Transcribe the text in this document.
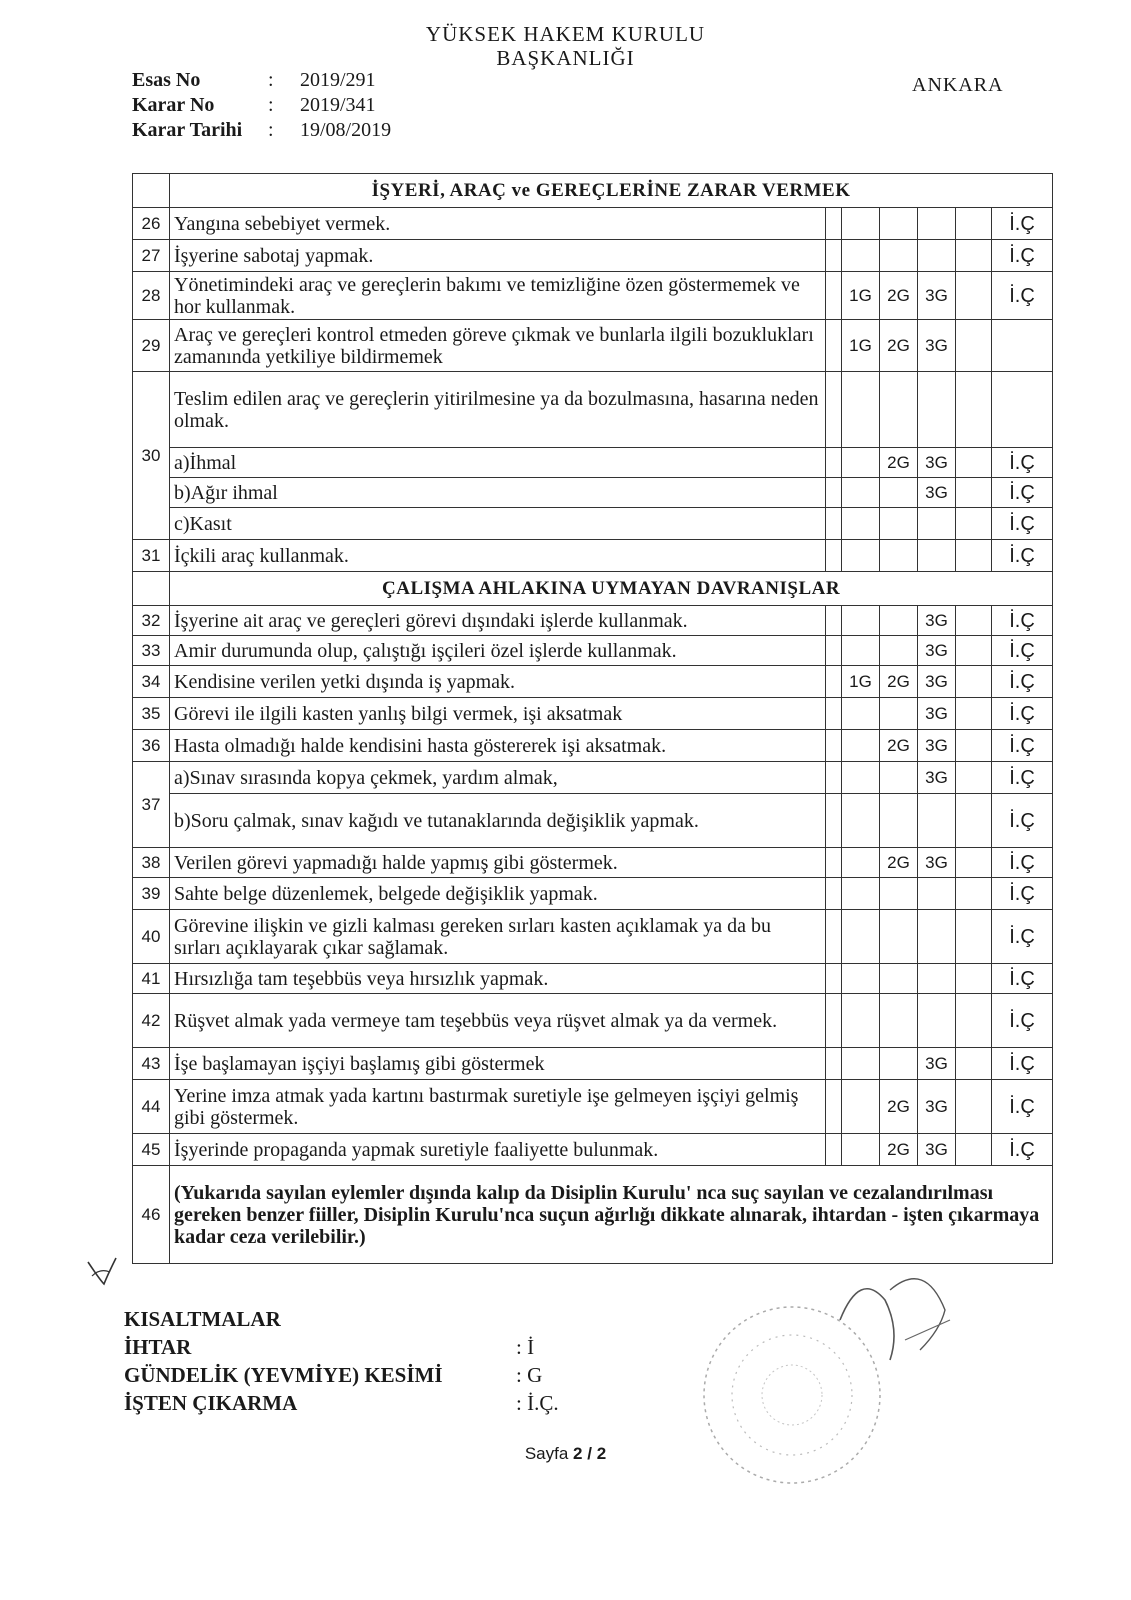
YÜKSEK HAKEM KURULU
BAŞKANLIĞI
Esas No	:	2019/291
Karar No	:	2019/341
Karar Tarihi	:	19/08/2019
ANKARA
	İŞYERİ, ARAÇ ve GEREÇLERİNE ZARAR VERMEK						
26	Yangına sebebiyet vermek.						İ.Ç
27	İşyerine sabotaj yapmak.						İ.Ç
28	Yönetimindeki araç ve gereçlerin bakımı ve temizliğine özen göstermemek ve hor kullanmak.		1G	2G	3G		İ.Ç
29	Araç ve gereçleri kontrol etmeden göreve çıkmak ve bunlarla ilgili bozuklukları zamanında yetkiliye bildirmemek		1G	2G	3G		
30	Teslim edilen araç ve gereçlerin yitirilmesine ya da bozulmasına, hasarına neden olmak.						
	a)İhmal			2G	3G		İ.Ç
	b)Ağır ihmal				3G		İ.Ç
	c)Kasıt						İ.Ç
31	İçkili araç kullanmak.						İ.Ç
	ÇALIŞMA AHLAKINA UYMAYAN DAVRANIŞLAR						
32	İşyerine ait araç ve gereçleri görevi dışındaki işlerde kullanmak.				3G		İ.Ç
33	Amir durumunda olup, çalıştığı işçileri özel işlerde kullanmak.				3G		İ.Ç
34	Kendisine verilen yetki dışında iş yapmak.		1G	2G	3G		İ.Ç
35	Görevi ile ilgili kasten yanlış bilgi vermek, işi aksatmak				3G		İ.Ç
36	Hasta olmadığı halde kendisini hasta göstererek işi aksatmak.			2G	3G		İ.Ç
37	a)Sınav sırasında kopya çekmek, yardım almak,				3G		İ.Ç
	b)Soru çalmak, sınav kağıdı ve tutanaklarında değişiklik yapmak.						İ.Ç
38	Verilen görevi yapmadığı halde yapmış gibi göstermek.			2G	3G		İ.Ç
39	Sahte belge düzenlemek, belgede değişiklik yapmak.						İ.Ç
40	Görevine ilişkin ve gizli kalması gereken sırları kasten açıklamak ya da bu sırları açıklayarak çıkar sağlamak.						İ.Ç
41	Hırsızlığa tam teşebbüs veya hırsızlık yapmak.						İ.Ç
42	Rüşvet almak yada vermeye tam teşebbüs veya rüşvet almak ya da vermek.						İ.Ç
43	İşe başlamayan işçiyi başlamış gibi göstermek				3G		İ.Ç
44	Yerine imza atmak yada kartını bastırmak suretiyle işe gelmeyen işçiyi gelmiş gibi göstermek.			2G	3G		İ.Ç
45	İşyerinde propaganda yapmak suretiyle faaliyette bulunmak.			2G	3G		İ.Ç
46	(Yukarıda sayılan eylemler dışında kalıp da Disiplin Kurulu' nca suç sayılan ve cezalandırılması gereken benzer fiiller, Disiplin Kurulu'nca suçun ağırlığı dikkate alınarak, ihtardan - işten çıkarmaya kadar ceza verilebilir.)						
KISALTMALAR
İHTAR	: İ
GÜNDELİK (YEVMİYE) KESİMİ	: G
İŞTEN ÇIKARMA	: İ.Ç.
Sayfa 2 / 2
